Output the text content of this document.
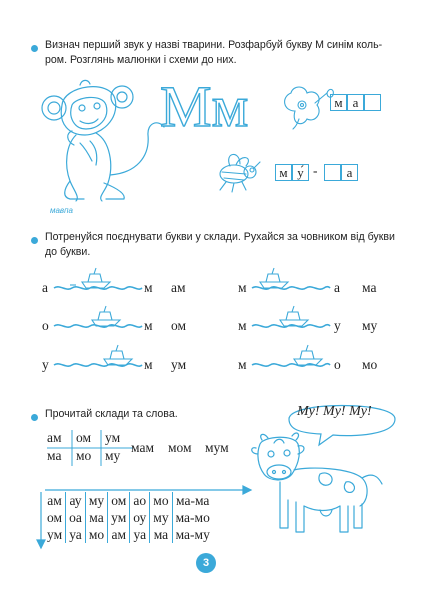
Визнач перший звук у назві тварини. Розфарбуй букву М синім коль-
ром. Розглянь малюнки і схеми до них.
мавпа
Мм	м а
м у́ -	а
Потренуйся поєднувати букви у склади. Рухайся за човником від букви
до букви.
а	м ам	м	а ма
о	м ом	м	у му
у	м ум	м	о мо
Прочитай склади та слова.
ам ом ум
ма мо му
мам мом мум
Му! Му! Му!
ам	ау	му	ом	ао	мо	ма-ма
ом	оа	ма	ум	оу	му	ма-мо
ум	уа	мо	ам	уа	ма	ма-му
3
